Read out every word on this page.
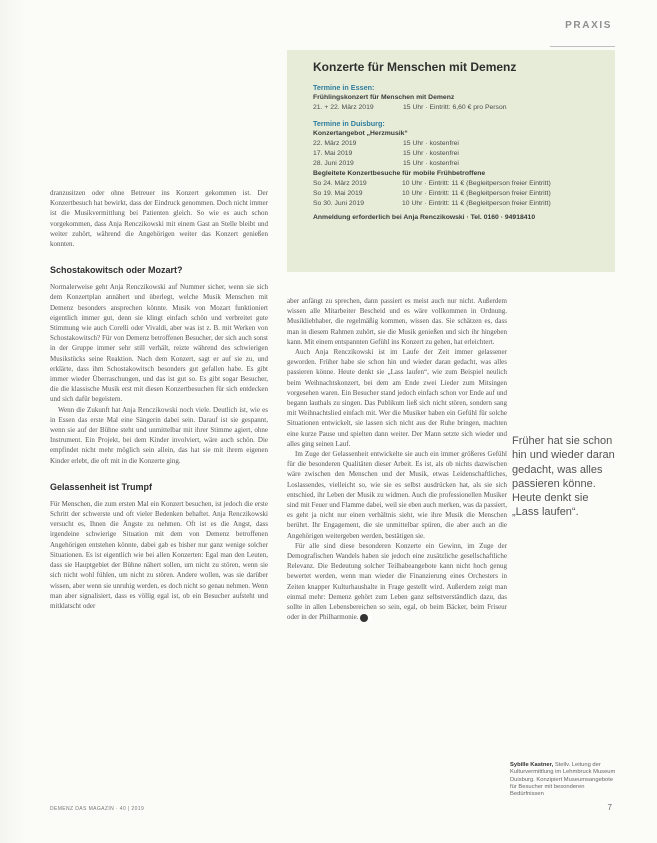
PRAXIS
Konzerte für Menschen mit Demenz
Termine in Essen:
Frühlingskonzert für Menschen mit Demenz
21. + 22. März 2019	15 Uhr · Eintritt: 6,60 € pro Person
Termine in Duisburg:
Konzertangebot „Herzmusik“
22. März 2019	15 Uhr · kostenfrei
17. Mai 2019	15 Uhr · kostenfrei
28. Juni 2019	15 Uhr · kostenfrei
Begleitete Konzertbesuche für mobile Frühbetroffene
So 24. März 2019	10 Uhr · Eintritt: 11 € (Begleitperson freier Eintritt)
So 19. Mai 2019	10 Uhr · Eintritt: 11 € (Begleitperson freier Eintritt)
So 30. Juni 2019	10 Uhr · Eintritt: 11 € (Begleitperson freier Eintritt)
Anmeldung erforderlich bei Anja Renczikowski · Tel. 0160 · 94918410

dranzusitzen oder ohne Betreuer ins Konzert gekommen ist. Der Konzertbesuch hat bewirkt, dass der Eindruck genommen. Doch nicht immer ist die Musikvermittlung bei Patienten gleich. So wie es auch schon vorgekommen, dass Anja Renczikowski mit einem Gast an Stelle bleibt und weiter zuhört, während die Angehörigen weiter das Konzert genießen konnten.

Schostakowitsch oder Mozart?

Normalerweise geht Anja Renczikowski auf Nummer sicher, wenn sie sich dem Konzertplan annähert und überlegt, welche Musik Menschen mit Demenz besonders ansprechen könnte. Musik von Mozart funktioniert eigentlich immer gut, denn sie klingt einfach schön und verbreitet gute Stimmung wie auch Corelli oder Vivaldi, aber was ist z. B. mit Werken von Schostakowitsch? Für von Demenz betroffenen Besucher, der sich auch sonst in der Gruppe immer sehr still verhält, reizte während des schwierigen Musikstücks seine Reaktion. Nach dem Konzert, sagt er auf sie zu, und erklärte, dass ihm Schostakowitsch besonders gut gefallen habe. Es gibt immer wieder Überraschungen, und das ist gut so. Es gibt sogar Besucher, die die klassische Musik erst mit diesen Konzertbesuchen für sich entdecken und sich dafür begeistern.

Wenn die Zukunft hat Anja Renczikowski noch viele. Deutlich ist, wie es in Essen das erste Mal eine Sängerin dabei sein. Darauf ist sie gespannt, wenn sie auf der Bühne steht und unmittelbar mit ihrer Stimme agiert, ohne Instrument. Ein Projekt, bei dem Kinder involviert, wäre auch schön. Die empfindet nicht mehr möglich sein allein, das hat sie mit ihrem eigenen Kinder erlebt, die oft mit in die Konzerte ging.

Gelassenheit ist Trumpf

Für Menschen, die zum ersten Mal ein Konzert besuchen, ist jedoch die erste Schritt der schwerste und oft vieler Bedenken behaftet. Anja Renczikowski versucht es, Ihnen die Ängste zu nehmen. Oft ist es die Angst, dass irgendeine schwierige Situation mit dem von Demenz betroffenen Angehörigen entstehen könnte, dabei gab es bisher nur ganz wenige solcher Situationen. Es ist eigentlich wie bei allen Konzerten: Egal man den Leuten, dass sie Hauptgebiet der Bühne nähert sollen, um nicht zu stören, wenn sie sich nicht wohl fühlen, um nicht zu stören. Andere wollen, was sie darüber wissen, aber wenn sie unruhig werden, es doch nicht so genau nehmen. Wenn man aber signalisiert, dass es völlig egal ist, ob ein Besucher aufsteht und mitklatscht oder

aber anfängt zu sprechen, dann passiert es meist auch nur nicht. Außerdem wissen alle Mitarbeiter Bescheid und es wäre vollkommen in Ordnung. Musikliebhaber, die regelmäßig kommen, wissen das. Sie schätzen es, dass man in diesem Rahmen zuhört, sie die Musik genießen und sich ihr hingeben kann. Mit einem entspannten Gefühl ins Konzert zu gehen, hat erleichtert.

Auch Anja Renczikowski ist im Laufe der Zeit immer gelassener geworden. Früher habe sie schon hin und wieder daran gedacht, was alles passieren könne. Heute denkt sie „Lass laufen“, wie zum Beispiel neulich beim Weihnachtskonzert, bei dem am Ende zwei Lieder zum Mitsingen vorgesehen waren. Ein Besucher stand jedoch einfach schon vor Ende auf und begann lauthals zu singen. Das Publikum ließ sich nicht stören, sondern sang mit Weihnachtslied einfach mit. Wer die Musiker haben ein Gefühl für solche Situationen entwickelt, sie lassen sich nicht aus der Ruhe bringen, machten eine kurze Pause und spielten dann weiter. Der Mann setzte sich wieder und alles ging seinen Lauf.

Im Zuge der Gelassenheit entwickelte sie auch ein immer größeres Gefühl für die besonderen Qualitäten dieser Arbeit. Es ist, als ob nichts dazwischen wäre zwischen den Menschen und der Musik, etwas Leidenschaftliches, Loslassendes, vielleicht so, wie sie es selbst ausdrücken hat, als sie sich entschied, ihr Leben der Musik zu widmen. Auch die professionellen Musiker sind mit Feuer und Flamme dabei, weil sie eben auch merken, was da passiert, es geht ja nicht nur einen verhältnis sieht, wie ihre Musik die Menschen berührt. Ihr Engagement, die sie unmittelbar spüren, die aber auch an die Angehörigen weitergeben werden, bestätigen sie.

Für alle sind diese besonderen Konzerte ein Gewinn, im Zuge der Demografischen Wandels haben sie jedoch eine zusätzliche gesellschaftliche Relevanz. Die Bedeutung solcher Teilhabeangebote kann nicht hoch genug bewertet werden, wenn man wieder die Finanzierung eines Orchesters in Zeiten knapper Kulturhaushalte in Frage gestellt wird. Außerdem zeigt man einmal mehr: Demenz gehört zum Leben ganz selbstverständlich dazu, das sollte in allen Lebensbereichen so sein, egal, ob beim Bäcker, beim Friseur oder in der Philharmonie. ◆

Früher hat sie schon hin und wieder daran gedacht, was alles passieren könne. Heute denkt sie „Lass laufen“.
Sybille Kastner, Stellv. Leitung der Kulturvermittlung im Lehmbruck Museum Duisburg. Konzipiert Museumsangebote für Besucher mit besonderen Bedürfnissen
DEMENZ DAS MAGAZIN · 40 | 2019	7
